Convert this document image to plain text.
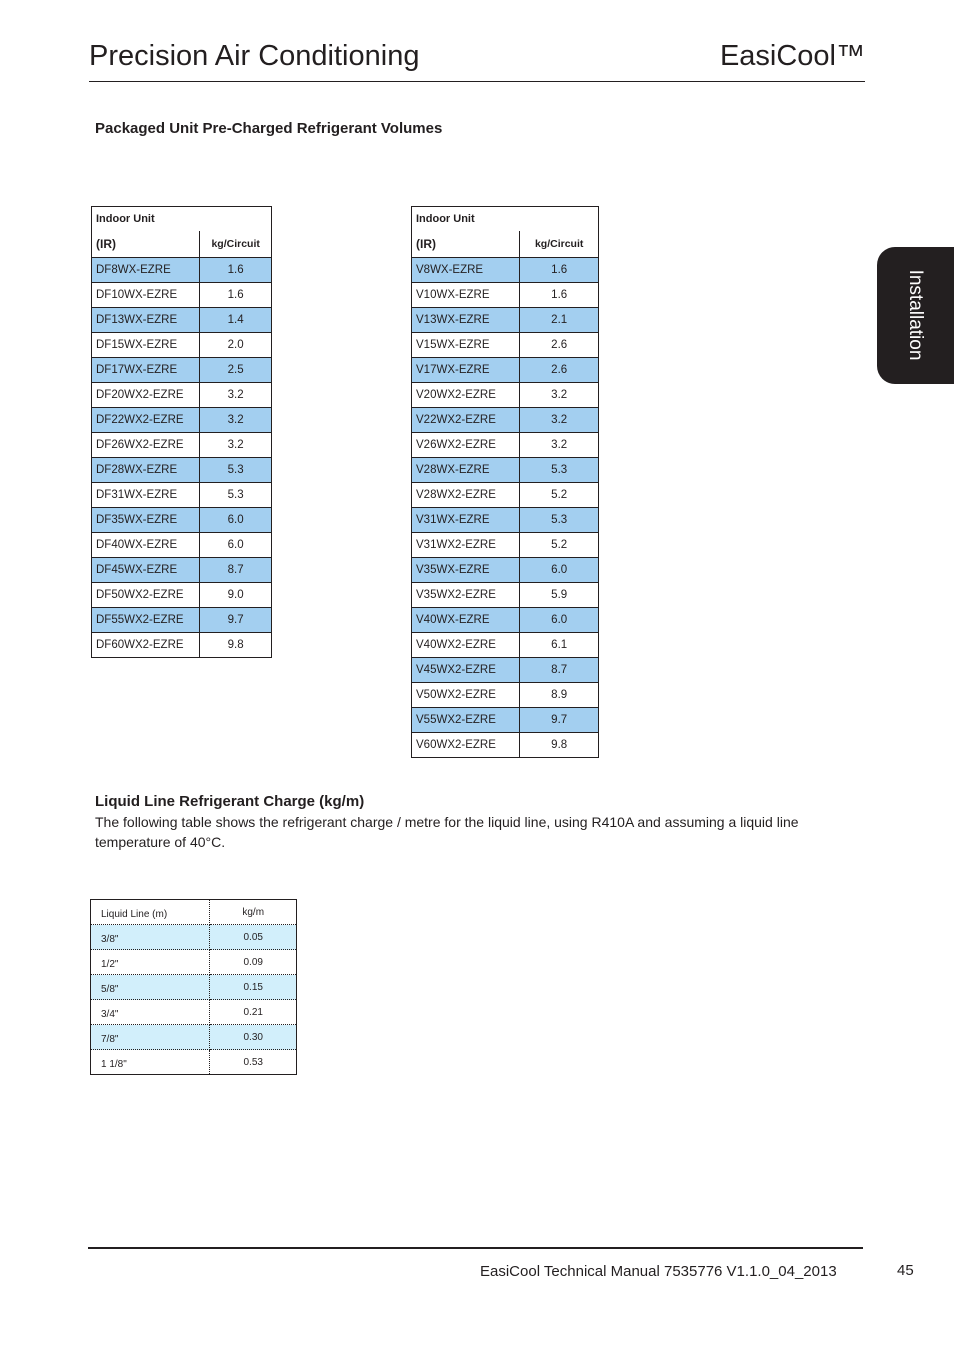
Precision Air Conditioning	EasiCool™
Installation
Packaged Unit Pre-Charged Refrigerant Volumes
Indoor Unit	
(IR)	kg/Circuit
DF8WX-EZRE	1.6
DF10WX-EZRE	1.6
DF13WX-EZRE	1.4
DF15WX-EZRE	2.0
DF17WX-EZRE	2.5
DF20WX2-EZRE	3.2
DF22WX2-EZRE	3.2
DF26WX2-EZRE	3.2
DF28WX-EZRE	5.3
DF31WX-EZRE	5.3
DF35WX-EZRE	6.0
DF40WX-EZRE	6.0
DF45WX-EZRE	8.7
DF50WX2-EZRE	9.0
DF55WX2-EZRE	9.7
DF60WX2-EZRE	9.8
Indoor Unit	
(IR)	kg/Circuit
V8WX-EZRE	1.6
V10WX-EZRE	1.6
V13WX-EZRE	2.1
V15WX-EZRE	2.6
V17WX-EZRE	2.6
V20WX2-EZRE	3.2
V22WX2-EZRE	3.2
V26WX2-EZRE	3.2
V28WX-EZRE	5.3
V28WX2-EZRE	5.2
V31WX-EZRE	5.3
V31WX2-EZRE	5.2
V35WX-EZRE	6.0
V35WX2-EZRE	5.9
V40WX-EZRE	6.0
V40WX2-EZRE	6.1
V45WX2-EZRE	8.7
V50WX2-EZRE	8.9
V55WX2-EZRE	9.7
V60WX2-EZRE	9.8
Liquid Line Refrigerant Charge (kg/m)
The following table shows the refrigerant charge / metre for the liquid line, using R410A and assuming a liquid line temperature of 40°C.
Liquid Line (m)	kg/m
3/8"	0.05
1/2"	0.09
5/8"	0.15
3/4"	0.21
7/8"	0.30
1 1/8"	0.53
EasiCool Technical Manual 7535776 V1.1.0_04_2013	45
